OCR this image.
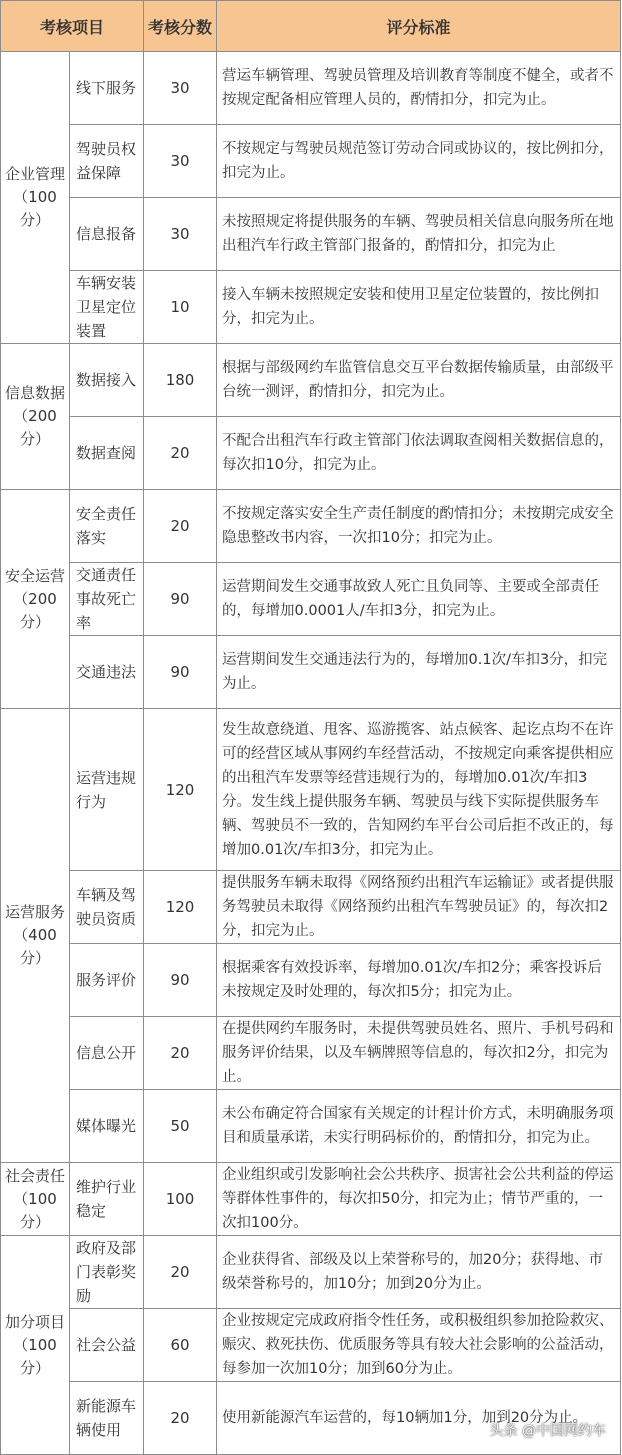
考核项目		考核分数	评分标准
企业管理（100分）	线下服务	30	营运车辆管理、驾驶员管理及培训教育等制度不健全，或者不按规定配备相应管理人员的，酌情扣分，扣完为止。
	驾驶员权益保障	30	不按规定与驾驶员规范签订劳动合同或协议的，按比例扣分，扣完为止。
	信息报备	30	未按照规定将提供服务的车辆、驾驶员相关信息向服务所在地出租汽车行政主管部门报备的，酌情扣分，扣完为止
	车辆安装卫星定位装置	10	接入车辆未按照规定安装和使用卫星定位装置的，按比例扣分，扣完为止。
信息数据（200分）	数据接入	180	根据与部级网约车监管信息交互平台数据传输质量，由部级平台统一测评，酌情扣分，扣完为止。
	数据查阅	20	不配合出租汽车行政主管部门依法调取查阅相关数据信息的，每次扣10分，扣完为止。
安全运营（200分）	安全责任落实	20	不按规定落实安全生产责任制度的酌情扣分；未按期完成安全隐患整改书内容，一次扣10分；扣完为止。
	交通责任事故死亡率	90	运营期间发生交通事故致人死亡且负同等、主要或全部责任的，每增加0.0001人/车扣3分，扣完为止。
	交通违法	90	运营期间发生交通违法行为的，每增加0.1次/车扣3分，扣完为止。
运营服务（400分）	运营违规行为	120	发生故意绕道、甩客、巡游揽客、站点候客、起讫点均不在许可的经营区域从事网约车经营活动，不按规定向乘客提供相应的出租汽车发票等经营违规行为的，每增加0.01次/车扣3分。发生线上提供服务车辆、驾驶员与线下实际提供服务车辆、驾驶员不一致的，告知网约车平台公司后拒不改正的，每增加0.01次/车扣3分，扣完为止。
	车辆及驾驶员资质	120	提供服务车辆未取得《网络预约出租汽车运输证》或者提供服务驾驶员未取得《网络预约出租汽车驾驶员证》的，每次扣2分，扣完为止。
	服务评价	90	根据乘客有效投诉率，每增加0.01次/车扣2分；乘客投诉后未按规定及时处理的，每次扣5分；扣完为止。
	信息公开	20	在提供网约车服务时，未提供驾驶员姓名、照片、手机号码和服务评价结果，以及车辆牌照等信息的，每次扣2分，扣完为止。
	媒体曝光	50	未公布确定符合国家有关规定的计程计价方式，未明确服务项目和质量承诺，未实行明码标价的，酌情扣分，扣完为止。
社会责任（100分）	维护行业稳定	100	企业组织或引发影响社会公共秩序、损害社会公共利益的停运等群体性事件的，每次扣50分，扣完为止；情节严重的，一次扣100分。
加分项目（100分）	政府及部门表彰奖励	20	企业获得省、部级及以上荣誉称号的，加20分；获得地、市级荣誉称号的，加10分；加到20分为止。
	社会公益	60	企业按规定完成政府指令性任务，或积极组织参加抢险救灾、赈灾、救死扶伤、优质服务等具有较大社会影响的公益活动，每参加一次加10分；加到60分为止。
	新能源车辆使用	20	使用新能源汽车运营的，每10辆加1分，加到20分为止。
头条 @中国网约车
